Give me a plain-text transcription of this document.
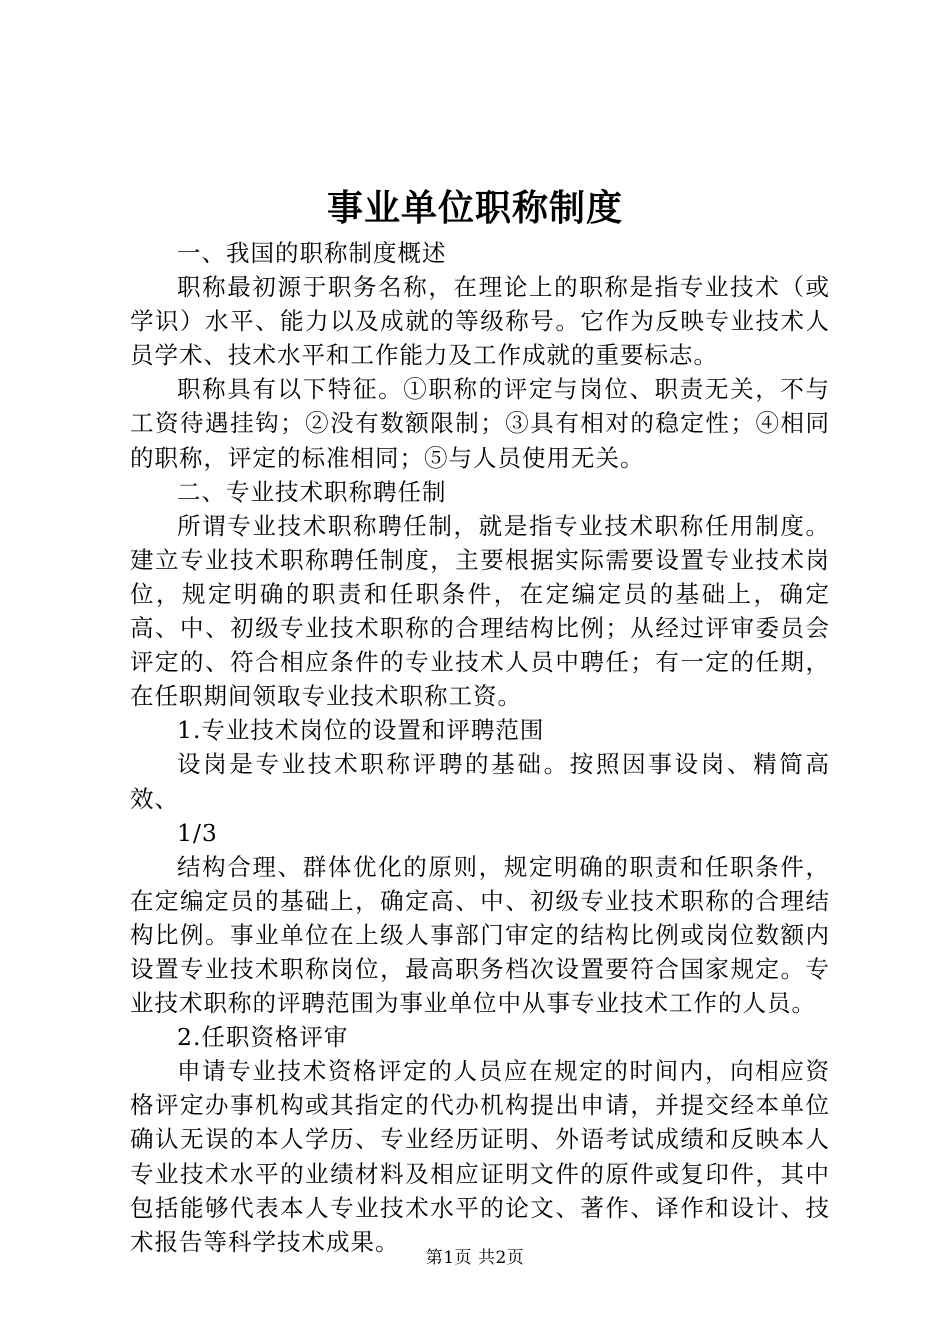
事业单位职称制度

一、我国的职称制度概述

职称最初源于职务名称，在理论上的职称是指专业技术（或学识）水平、能力以及成就的等级称号。它作为反映专业技术人员学术、技术水平和工作能力及工作成就的重要标志。

职称具有以下特征。①职称的评定与岗位、职责无关，不与工资待遇挂钩；②没有数额限制；③具有相对的稳定性；④相同的职称，评定的标准相同；⑤与人员使用无关。

二、专业技术职称聘任制

所谓专业技术职称聘任制，就是指专业技术职称任用制度。建立专业技术职称聘任制度，主要根据实际需要设置专业技术岗位，规定明确的职责和任职条件，在定编定员的基础上，确定高、中、初级专业技术职称的合理结构比例；从经过评审委员会评定的、符合相应条件的专业技术人员中聘任；有一定的任期，在任职期间领取专业技术职称工资。

1.专业技术岗位的设置和评聘范围

设岗是专业技术职称评聘的基础。按照因事设岗、精简高效、

1/3

结构合理、群体优化的原则，规定明确的职责和任职条件，在定编定员的基础上，确定高、中、初级专业技术职称的合理结构比例。事业单位在上级人事部门审定的结构比例或岗位数额内设置专业技术职称岗位，最高职务档次设置要符合国家规定。专业技术职称的评聘范围为事业单位中从事专业技术工作的人员。

2.任职资格评审

申请专业技术资格评定的人员应在规定的时间内，向相应资格评定办事机构或其指定的代办机构提出申请，并提交经本单位确认无误的本人学历、专业经历证明、外语考试成绩和反映本人专业技术水平的业绩材料及相应证明文件的原件或复印件，其中包括能够代表本人专业技术水平的论文、著作、译作和设计、技术报告等科学技术成果。

第1页 共2页
